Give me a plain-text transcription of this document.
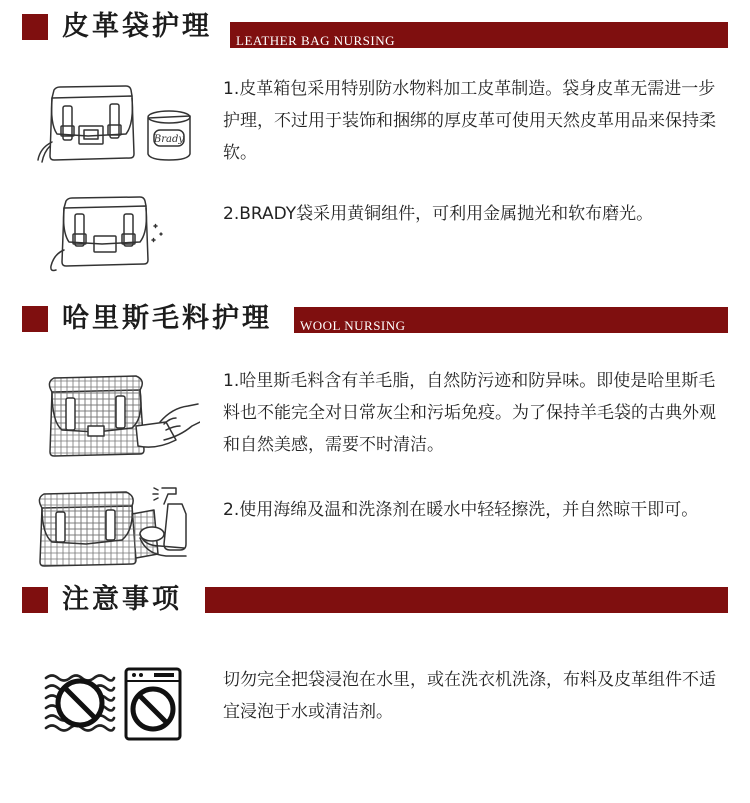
皮革袋护理 LEATHER BAG NURSING
Brady

1.皮革箱包采用特别防水物料加工皮革制造。袋身皮革无需进一步护理，不过用于装饰和捆绑的厚皮革可使用天然皮革用品来保持柔软。

2.BRADY袋采用黄铜组件，可利用金属抛光和软布磨光。

哈里斯毛料护理 WOOL NURSING

1.哈里斯毛料含有羊毛脂，自然防污迹和防异味。即使是哈里斯毛料也不能完全对日常灰尘和污垢免疫。为了保持羊毛袋的古典外观和自然美感，需要不时清洁。

2.使用海绵及温和洗涤剂在暖水中轻轻擦洗，并自然晾干即可。

注意事项

切勿完全把袋浸泡在水里，或在洗衣机洗涤，布料及皮革组件不适宜浸泡于水或清洁剂。
